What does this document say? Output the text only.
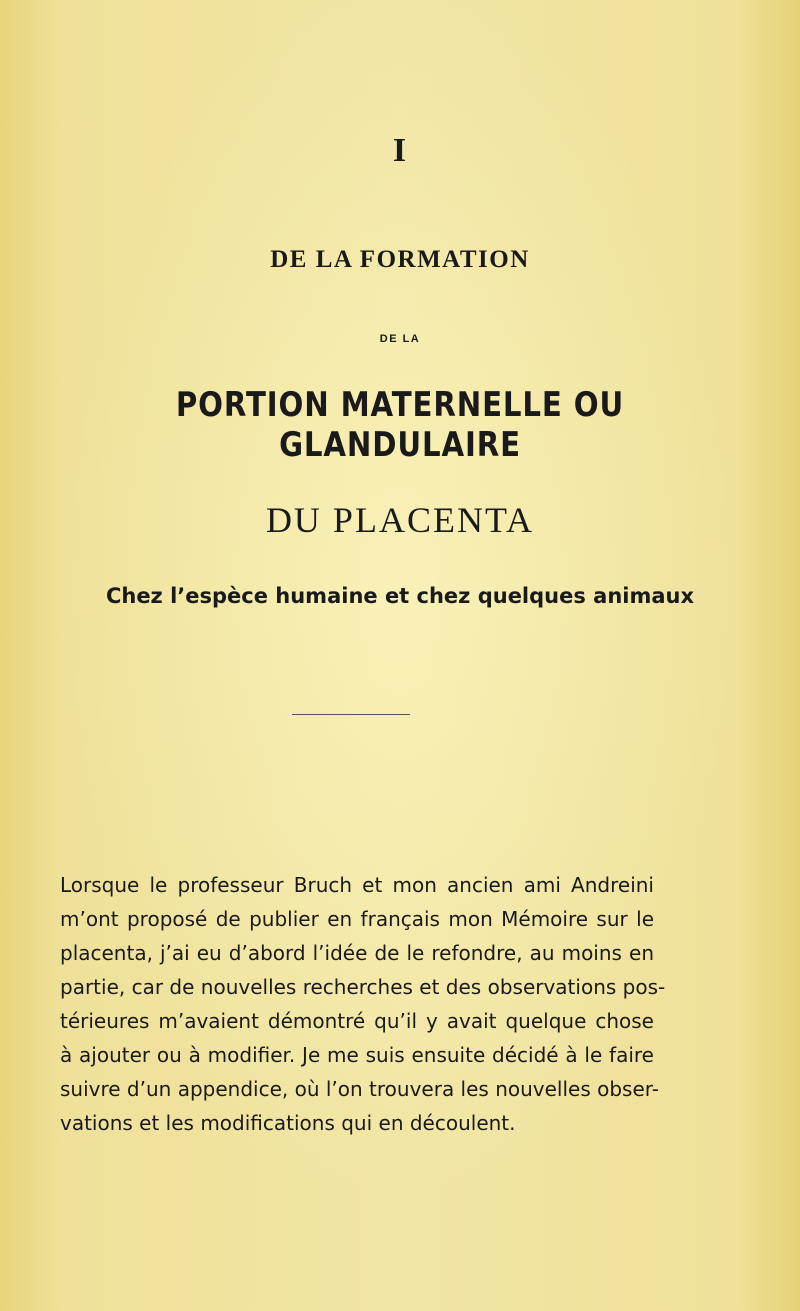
I
DE LA FORMATION
DE LA
PORTION MATERNELLE OU GLANDULAIRE
DU PLACENTA
Chez l’espèce humaine et chez quelques animaux
Lorsque le professeur Bruch et mon ancien ami Andreini
m’ont proposé de publier en français mon Mémoire sur le
placenta, j’ai eu d’abord l’idée de le refondre, au moins en
partie, car de nouvelles recherches et des observations pos-
térieures m’avaient démontré qu’il y avait quelque chose
à ajouter ou à modifier. Je me suis ensuite décidé à le faire
suivre d’un appendice, où l’on trouvera les nouvelles obser-
vations et les modifications qui en découlent.
